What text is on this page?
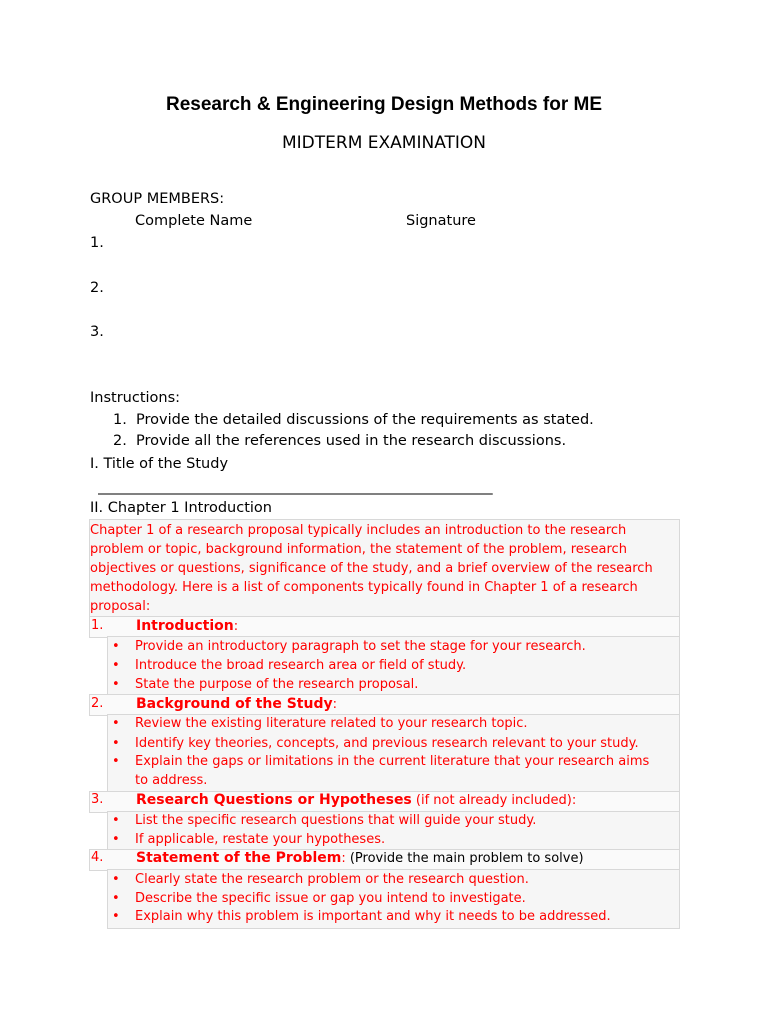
Research & Engineering Design Methods for ME
MIDTERM EXAMINATION
GROUP MEMBERS:
Complete Name	Signature
1.
2.
3.
Instructions:
1. Provide the detailed discussions of the requirements as stated.
2. Provide all the references used in the research discussions.
I. Title of the Study
______________________________________________________________
II. Chapter 1 Introduction
Chapter 1 of a research proposal typically includes an introduction to the research problem or topic, background information, the statement of the problem, research objectives or questions, significance of the study, and a brief overview of the research methodology. Here is a list of components typically found in Chapter 1 of a research proposal:
1. Introduction:
• Provide an introductory paragraph to set the stage for your research.
• Introduce the broad research area or field of study.
• State the purpose of the research proposal.
2. Background of the Study:
• Review the existing literature related to your research topic.
• Identify key theories, concepts, and previous research relevant to your study.
• Explain the gaps or limitations in the current literature that your research aims to address.
3. Research Questions or Hypotheses (if not already included):
• List the specific research questions that will guide your study.
• If applicable, restate your hypotheses.
4. Statement of the Problem: (Provide the main problem to solve)
• Clearly state the research problem or the research question.
• Describe the specific issue or gap you intend to investigate.
• Explain why this problem is important and why it needs to be addressed.
